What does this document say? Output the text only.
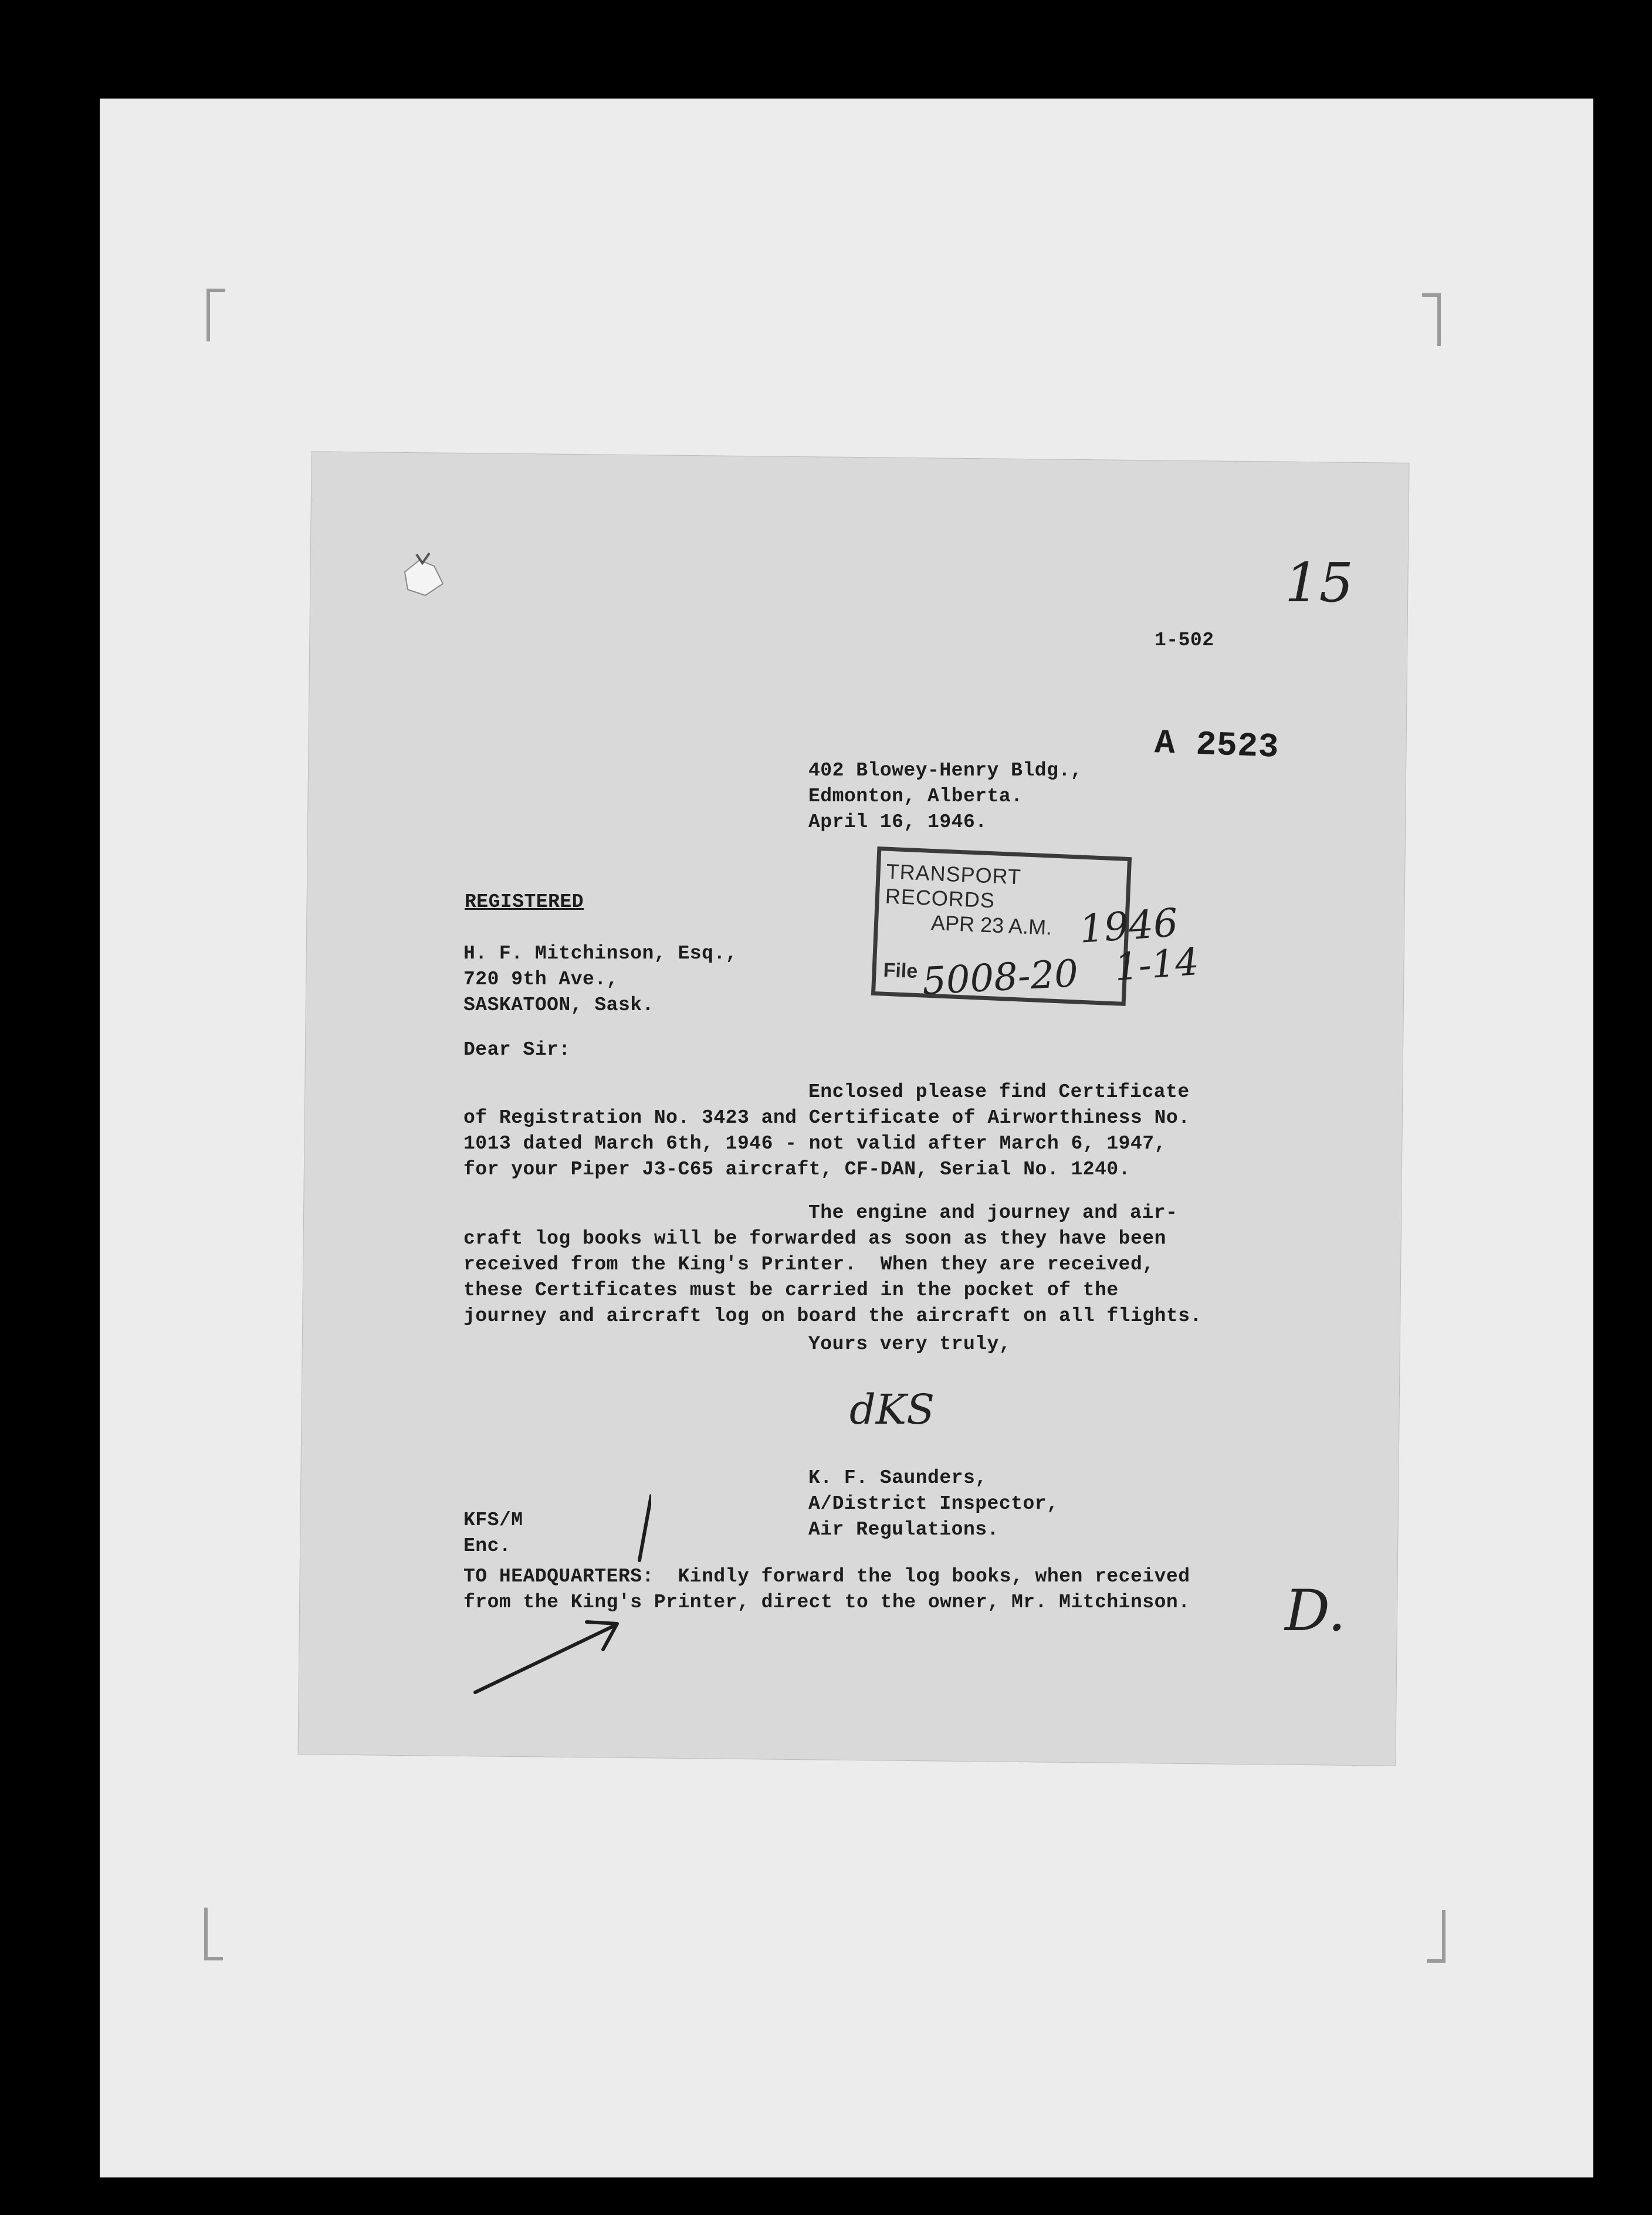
15
1-502
A 2523
402 Blowey-Henry Bldg.,
Edmonton, Alberta.
April 16, 1946.
TRANSPORT RECORDS
APR 23 A.M.
File
1946
5008-20 1-14
REGISTERED
H. F. Mitchinson, Esq.,
720 9th Ave.,
SASKATOON, Sask.
Dear Sir:
Enclosed please find Certificate
of Registration No. 3423 and Certificate of Airworthiness No.
1013 dated March 6th, 1946 - not valid after March 6, 1947,
for your Piper J3-C65 aircraft, CF-DAN, Serial No. 1240.
The engine and journey and air-
craft log books will be forwarded as soon as they have been
received from the King's Printer.  When they are received,
these Certificates must be carried in the pocket of the
journey and aircraft log on board the aircraft on all flights.
Yours very truly,
dKS
K. F. Saunders,
A/District Inspector,
Air Regulations.
KFS/M
Enc.
TO HEADQUARTERS:  Kindly forward the log books, when received
from the King's Printer, direct to the owner, Mr. Mitchinson. D.
